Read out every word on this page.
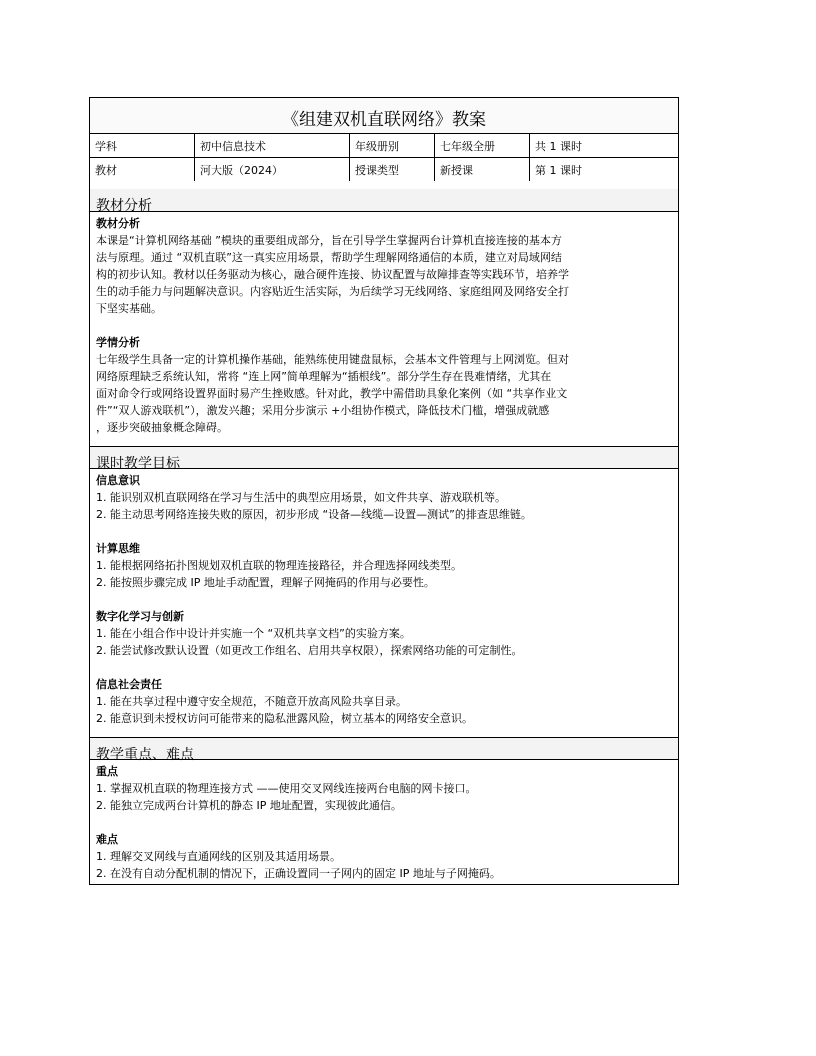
《组建双机直联网络》教案
学科	初中信息技术	年级册别	七年级全册	共 1 课时
教材	河大版（2024）	授课类型	新授课	第 1 课时
教材分析
教材分析
本课是“计算机网络基础 ”模块的重要组成部分，旨在引导学生掌握两台计算机直接连接的基本方
法与原理。通过 “双机直联”这一真实应用场景，帮助学生理解网络通信的本质，建立对局域网结
构的初步认知。教材以任务驱动为核心，融合硬件连接、协议配置与故障排查等实践环节，培养学
生的动手能力与问题解决意识。内容贴近生活实际，为后续学习无线网络、家庭组网及网络安全打
下坚实基础。
学情分析
七年级学生具备一定的计算机操作基础，能熟练使用键盘鼠标，会基本文件管理与上网浏览。但对
网络原理缺乏系统认知，常将 “连上网”简单理解为“插根线”。部分学生存在畏难情绪，尤其在
面对命令行或网络设置界面时易产生挫败感。针对此，教学中需借助具象化案例（如 “共享作业文
件”“双人游戏联机”），激发兴趣；采用分步演示 +小组协作模式，降低技术门槛，增强成就感
，逐步突破抽象概念障碍。
课时教学目标
信息意识
1. 能识别双机直联网络在学习与生活中的典型应用场景，如文件共享、游戏联机等。
2. 能主动思考网络连接失败的原因，初步形成 “设备—线缆—设置—测试”的排查思维链。
计算思维
1. 能根据网络拓扑图规划双机直联的物理连接路径，并合理选择网线类型。
2. 能按照步骤完成 IP 地址手动配置，理解子网掩码的作用与必要性。
数字化学习与创新
1. 能在小组合作中设计并实施一个 “双机共享文档”的实验方案。
2. 能尝试修改默认设置（如更改工作组名、启用共享权限），探索网络功能的可定制性。
信息社会责任
1. 能在共享过程中遵守安全规范，不随意开放高风险共享目录。
2. 能意识到未授权访问可能带来的隐私泄露风险，树立基本的网络安全意识。
教学重点、难点
重点
1. 掌握双机直联的物理连接方式 ——使用交叉网线连接两台电脑的网卡接口。
2. 能独立完成两台计算机的静态 IP 地址配置，实现彼此通信。
难点
1. 理解交叉网线与直通网线的区别及其适用场景。
2. 在没有自动分配机制的情况下，正确设置同一子网内的固定 IP 地址与子网掩码。
